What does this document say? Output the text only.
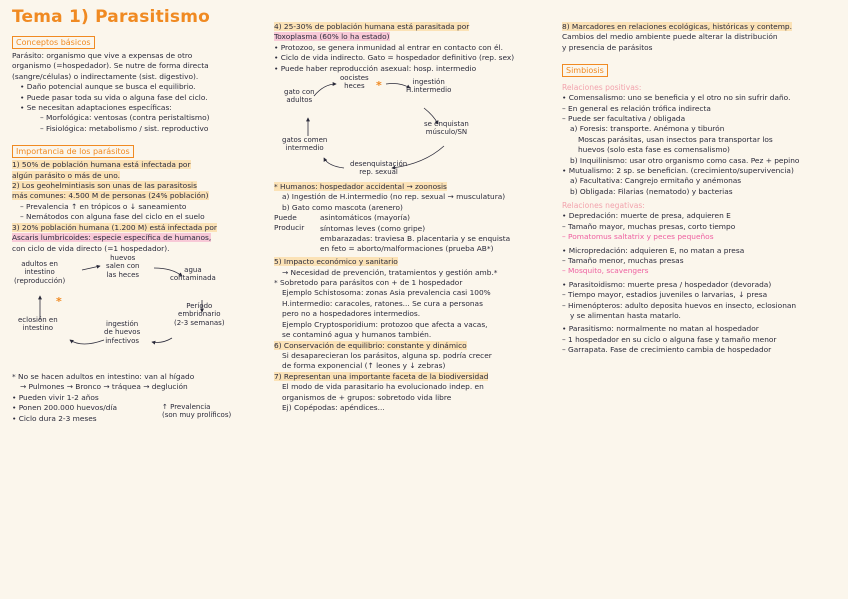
Tema 1) Parasitismo
Conceptos básicos
Parásito: organismo que vive a expensas de otro
organismo (=hospedador). Se nutre de forma directa
(sangre/células) o indirectamente (sist. digestivo).
• Daño potencial aunque se busca el equilibrio.
• Puede pasar toda su vida o alguna fase del ciclo.
• Se necesitan adaptaciones específicas:
– Morfológica: ventosas (contra peristaltismo)
– Fisiológica: metabolismo / sist. reproductivo
Importancia de los parásitos
1) 50% de población humana está infectada por
algún parásito o más de uno.
2) Los geohelmintiasis son unas de las parasitosis
más comunes: 4.500 M de personas (24% población)
– Prevalencia ↑ en trópicos o ↓ saneamiento
– Nemátodos con alguna fase del ciclo en el suelo
3) 20% población humana (1.200 M) está infectada por
Ascaris lumbricoides: especie específica de humanos,
con ciclo de vida directo (=1 hospedador).
adultos en
intestino
(reproducción)
huevos
salen con
las heces
agua
contaminada
Período
embrionario
(2-3 semanas)
ingestión
de huevos
infectivos
eclosión en
intestino
*
* No se hacen adultos en intestino: van al hígado
→ Pulmones → Bronco → tráquea → deglución
• Pueden vivir 1-2 años
• Ponen 200.000 huevos/día
• Ciclo dura 2-3 meses
↑ Prevalencia
(son muy prolíficos)
4) 25-30% de población humana está parasitada por
Toxoplasma (60% lo ha estado)
• Protozoo, se genera inmunidad al entrar en contacto con él.
• Ciclo de vida indirecto. Gato = hospedador definitivo (rep. sex)
• Puede haber reproducción asexual: hosp. intermedio
oocistes
heces
ingestión
H.intermedio
gato con
adultos
se enquistan
músculo/SN
gatos comen
intermedio
desenquistación
rep. sexual
*
* Humanos: hospedador accidental → zoonosis
a) Ingestión de H.intermedio (no rep. sexual → musculatura)
b) Gato como mascota (arenero)
Puede
Producir
asintomáticos (mayoría)
síntomas leves (como gripe)
embarazadas: traviesa B. placentaria y se enquista
en feto = aborto/malformaciones (prueba AB*)
5) Impacto económico y sanitario
→ Necesidad de prevención, tratamientos y gestión amb.*
* Sobretodo para parásitos con + de 1 hospedador
Ejemplo Schistosoma: zonas Asia prevalencia casi 100%
H.intermedio: caracoles, ratones... Se cura a personas
pero no a hospedadores intermedios.
Ejemplo Cryptosporidium: protozoo que afecta a vacas,
se contaminó agua y humanos también.
6) Conservación de equilibrio: constante y dinámico
Si desaparecieran los parásitos, alguna sp. podría crecer
de forma exponencial (↑ leones y ↓ zebras)
7) Representan una importante faceta de la biodiversidad
El modo de vida parasitario ha evolucionado indep. en
organismos de + grupos: sobretodo vida libre
Ej) Copépodas: apéndices...
8) Marcadores en relaciones ecológicas, históricas y contemp.
Cambios del medio ambiente puede alterar la distribución
y presencia de parásitos
Simbiosis
Relaciones positivas:
• Comensalismo: uno se beneficia y el otro no sin sufrir daño.
– En general es relación trófica indirecta
– Puede ser facultativa / obligada
a) Foresis: transporte. Anémona y tiburón
Moscas parásitas, usan insectos para transportar los
huevos (solo esta fase es comensalismo)
b) Inquilinismo: usar otro organismo como casa. Pez + pepino
• Mutualismo: 2 sp. se benefician. (crecimiento/supervivencia)
a) Facultativa: Cangrejo ermitaño y anémonas
b) Obligada: Filarias (nematodo) y bacterias
Relaciones negativas:
• Depredación: muerte de presa, adquieren E
– Tamaño mayor, muchas presas, corto tiempo
– Pomatomus saltatrix y peces pequeños
• Micropredación: adquieren E, no matan a presa
– Tamaño menor, muchas presas
– Mosquito, scavengers
• Parasitoidismo: muerte presa / hospedador (devorada)
– Tiempo mayor, estadios juveniles o larvarias, ↓ presa
– Himenópteros: adulto deposita huevos en insecto, eclosionan
y se alimentan hasta matarlo.
• Parasitismo: normalmente no matan al hospedador
– 1 hospedador en su ciclo o alguna fase y tamaño menor
– Garrapata. Fase de crecimiento cambia de hospedador
